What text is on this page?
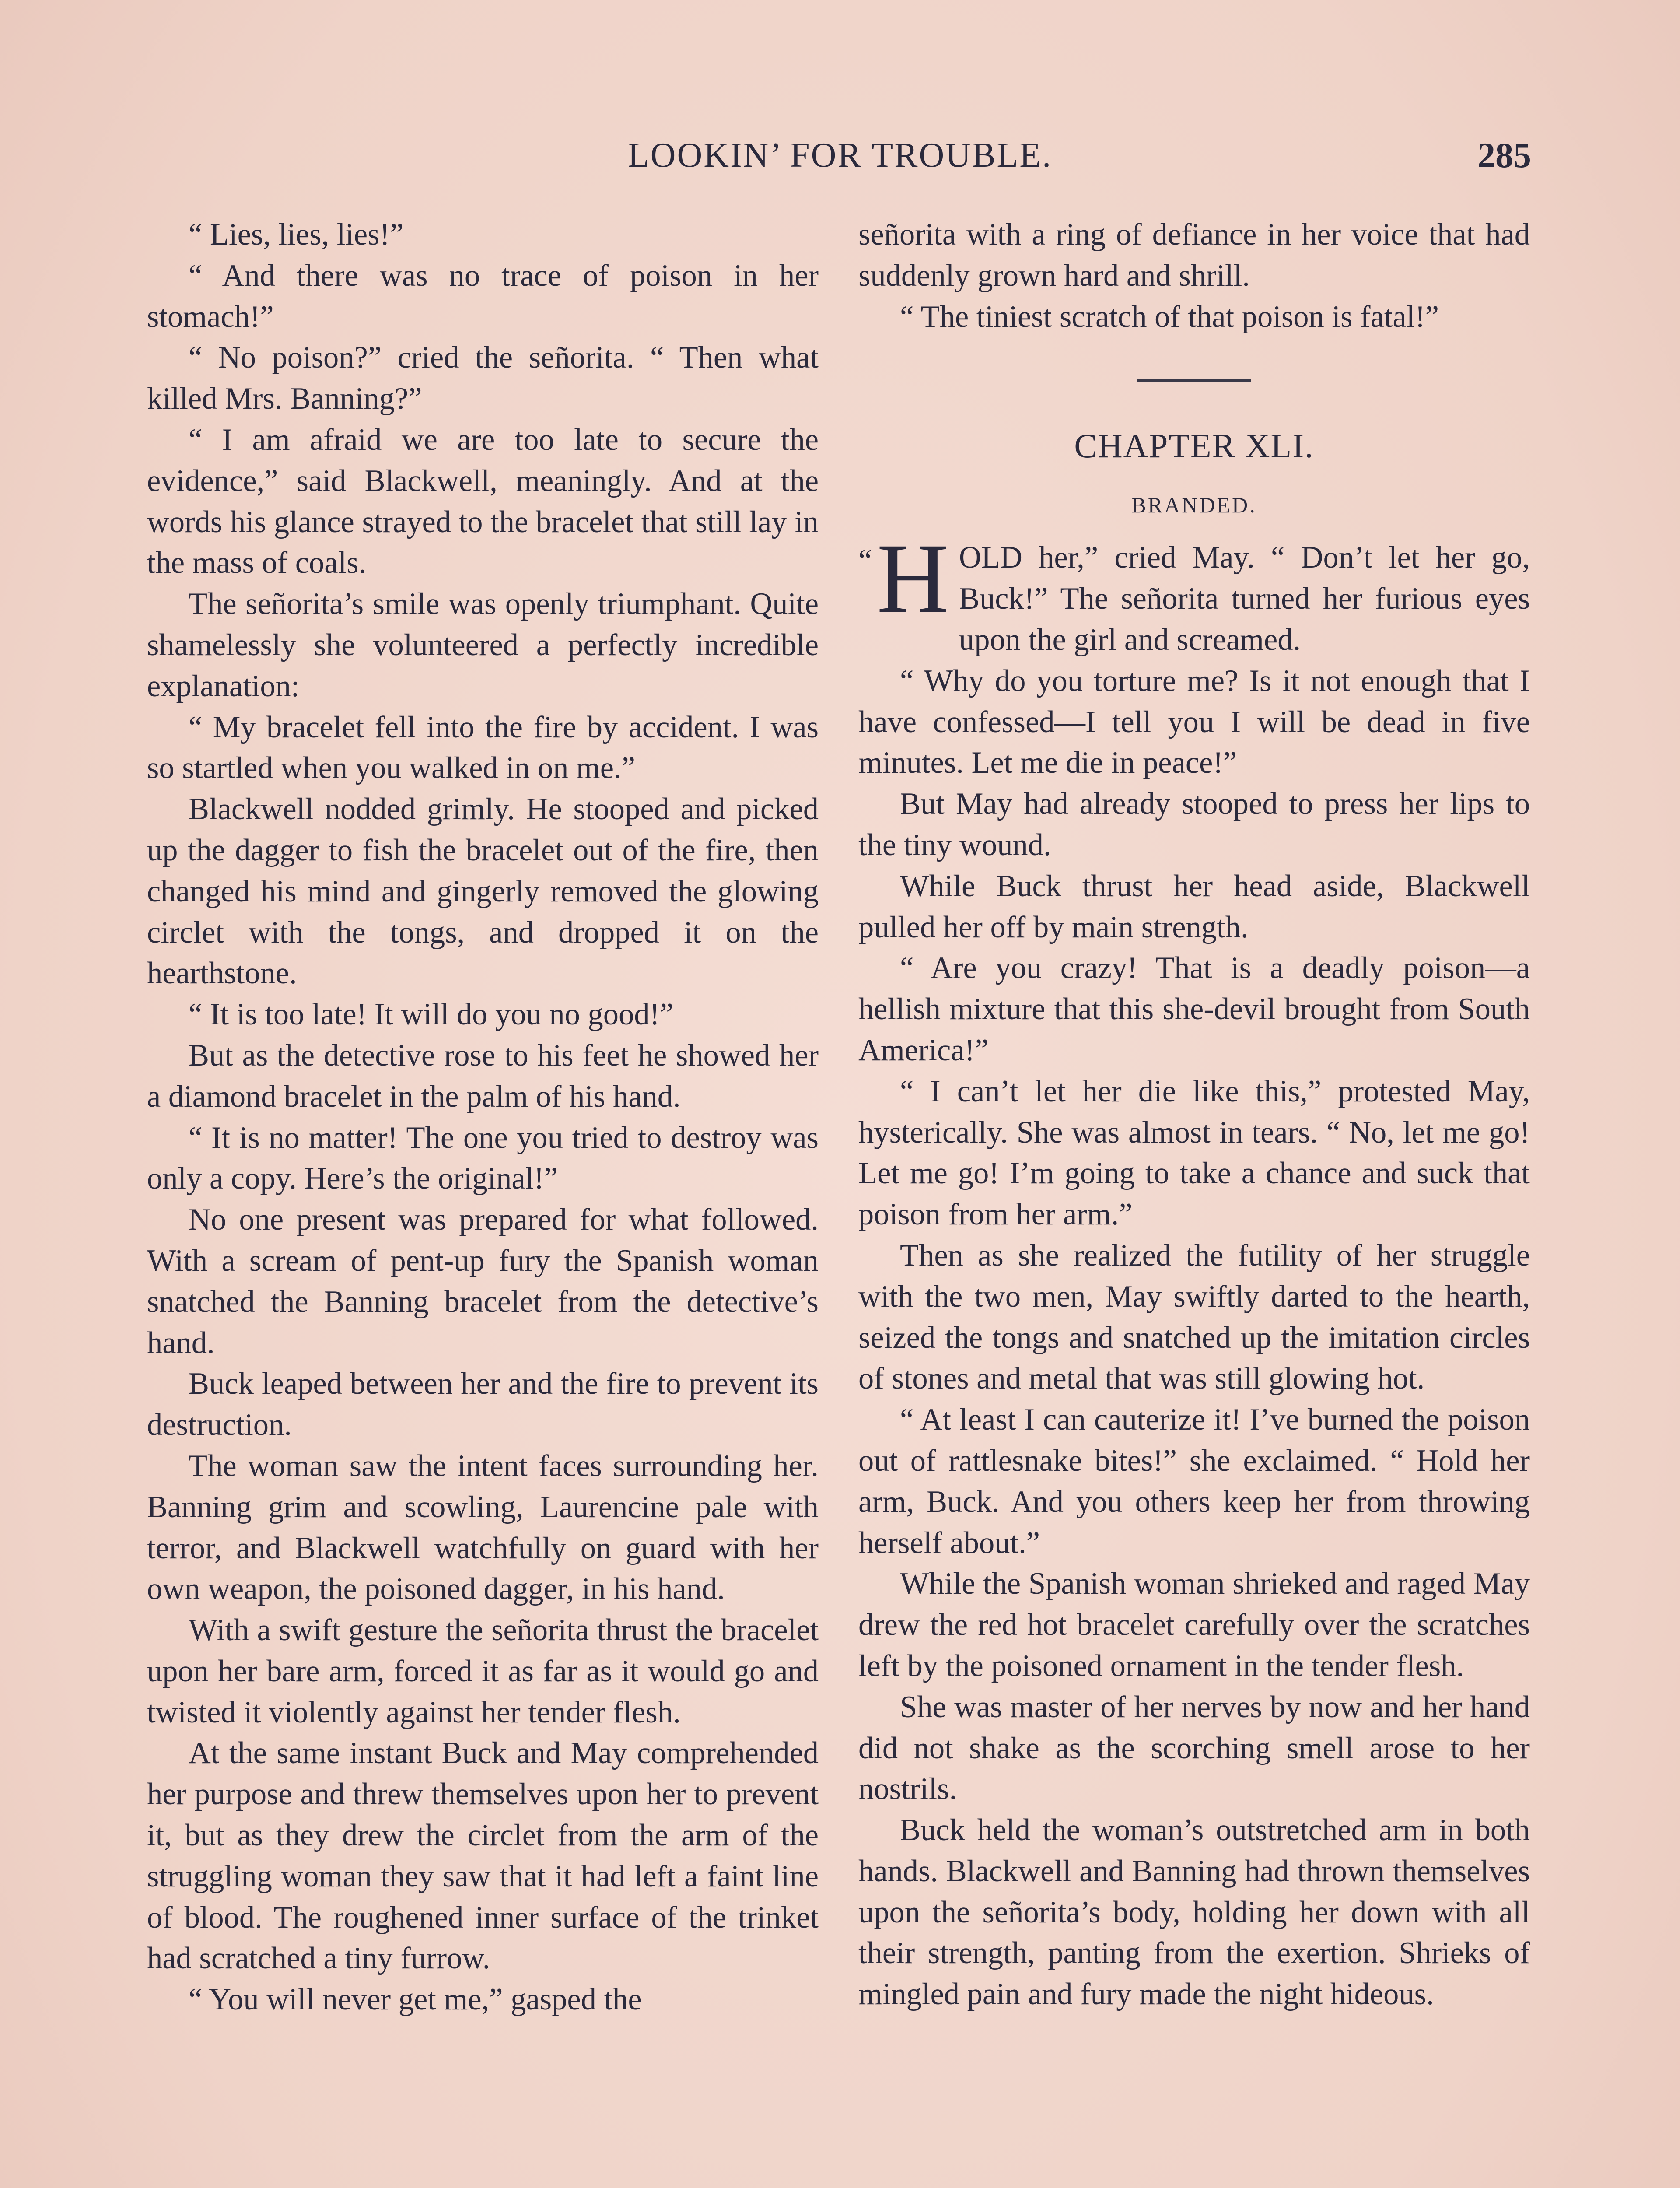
LOOKIN’ FOR TROUBLE.	285

“ Lies, lies, lies!”

“ And there was no trace of poison in her stomach!”

“ No poison?” cried the señorita. “ Then what killed Mrs. Banning?”

“ I am afraid we are too late to secure the evidence,” said Blackwell, meaningly. And at the words his glance strayed to the bracelet that still lay in the mass of coals.

The señorita’s smile was openly triumphant. Quite shamelessly she volunteered a perfectly incredible explanation:

“ My bracelet fell into the fire by accident. I was so startled when you walked in on me.”

Blackwell nodded grimly. He stooped and picked up the dagger to fish the bracelet out of the fire, then changed his mind and gingerly removed the glowing circlet with the tongs, and dropped it on the hearthstone.

“ It is too late! It will do you no good!”

But as the detective rose to his feet he showed her a diamond bracelet in the palm of his hand.

“ It is no matter! The one you tried to destroy was only a copy. Here’s the original!”

No one present was prepared for what followed. With a scream of pent-up fury the Spanish woman snatched the Banning bracelet from the detective’s hand.

Buck leaped between her and the fire to prevent its destruction.

The woman saw the intent faces surrounding her. Banning grim and scowling, Laurencine pale with terror, and Blackwell watchfully on guard with her own weapon, the poisoned dagger, in his hand.

With a swift gesture the señorita thrust the bracelet upon her bare arm, forced it as far as it would go and twisted it violently against her tender flesh.

At the same instant Buck and May comprehended her purpose and threw themselves upon her to prevent it, but as they drew the circlet from the arm of the struggling woman they saw that it had left a faint line of blood. The roughened inner surface of the trinket had scratched a tiny furrow.

“ You will never get me,” gasped the

señorita with a ring of defiance in her voice that had suddenly grown hard and shrill.

“ The tiniest scratch of that poison is fatal!”

CHAPTER XLI.
BRANDED.

“ H OLD her,” cried May. “ Don’t let her go, Buck!” The señorita turned her furious eyes upon the girl and screamed.

“ Why do you torture me? Is it not enough that I have confessed—I tell you I will be dead in five minutes. Let me die in peace!”

But May had already stooped to press her lips to the tiny wound.

While Buck thrust her head aside, Blackwell pulled her off by main strength.

“ Are you crazy! That is a deadly poison—a hellish mixture that this she-devil brought from South America!”

“ I can’t let her die like this,” protested May, hysterically. She was almost in tears. “ No, let me go! Let me go! I’m going to take a chance and suck that poison from her arm.”

Then as she realized the futility of her struggle with the two men, May swiftly darted to the hearth, seized the tongs and snatched up the imitation circles of stones and metal that was still glowing hot.

“ At least I can cauterize it! I’ve burned the poison out of rattlesnake bites!” she exclaimed. “ Hold her arm, Buck. And you others keep her from throwing herself about.”

While the Spanish woman shrieked and raged May drew the red hot bracelet carefully over the scratches left by the poisoned ornament in the tender flesh.

She was master of her nerves by now and her hand did not shake as the scorching smell arose to her nostrils.

Buck held the woman’s outstretched arm in both hands. Blackwell and Banning had thrown themselves upon the señorita’s body, holding her down with all their strength, panting from the exertion. Shrieks of mingled pain and fury made the night hideous.
